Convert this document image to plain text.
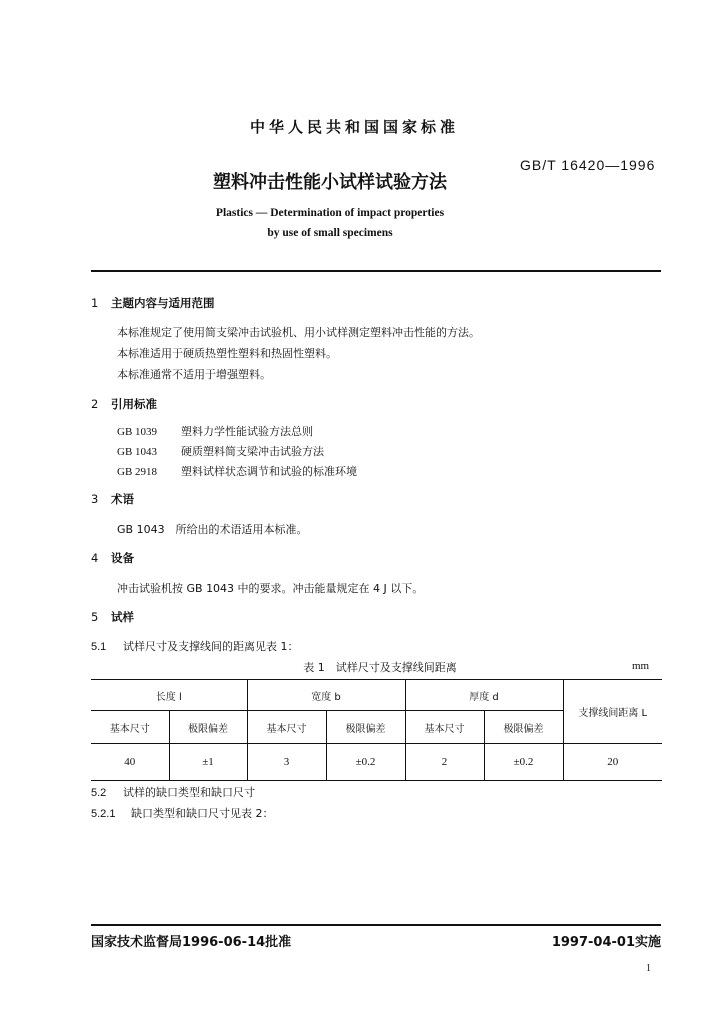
中华人民共和国国家标准
塑料冲击性能小试样试验方法
GB/T 16420—1996
Plastics — Determination of impact properties
by use of small specimens
1 主题内容与适用范围
本标准规定了使用简支梁冲击试验机、用小试样测定塑料冲击性能的方法。
本标准适用于硬质热塑性塑料和热固性塑料。
本标准通常不适用于增强塑料。
2 引用标准
GB 1039 塑料力学性能试验方法总则
GB 1043 硬质塑料简支梁冲击试验方法
GB 2918 塑料试样状态调节和试验的标准环境
3 术语
GB 1043　所给出的术语适用本标准。
4 设备
冲击试验机按 GB 1043 中的要求。冲击能量规定在 4 J 以下。
5 试样
5.1 试样尺寸及支撑线间的距离见表 1：
表 1　试样尺寸及支撑线间距离	mm
长度 l		宽度 b		厚度 d		支撑线间距离 L
基本尺寸	极限偏差	基本尺寸	极限偏差	基本尺寸	极限偏差	
40	±1	3	±0.2	2	±0.2	20
5.2 试样的缺口类型和缺口尺寸
5.2.1 缺口类型和缺口尺寸见表 2：
国家技术监督局1996-06-14批准	1997-04-01实施
1
